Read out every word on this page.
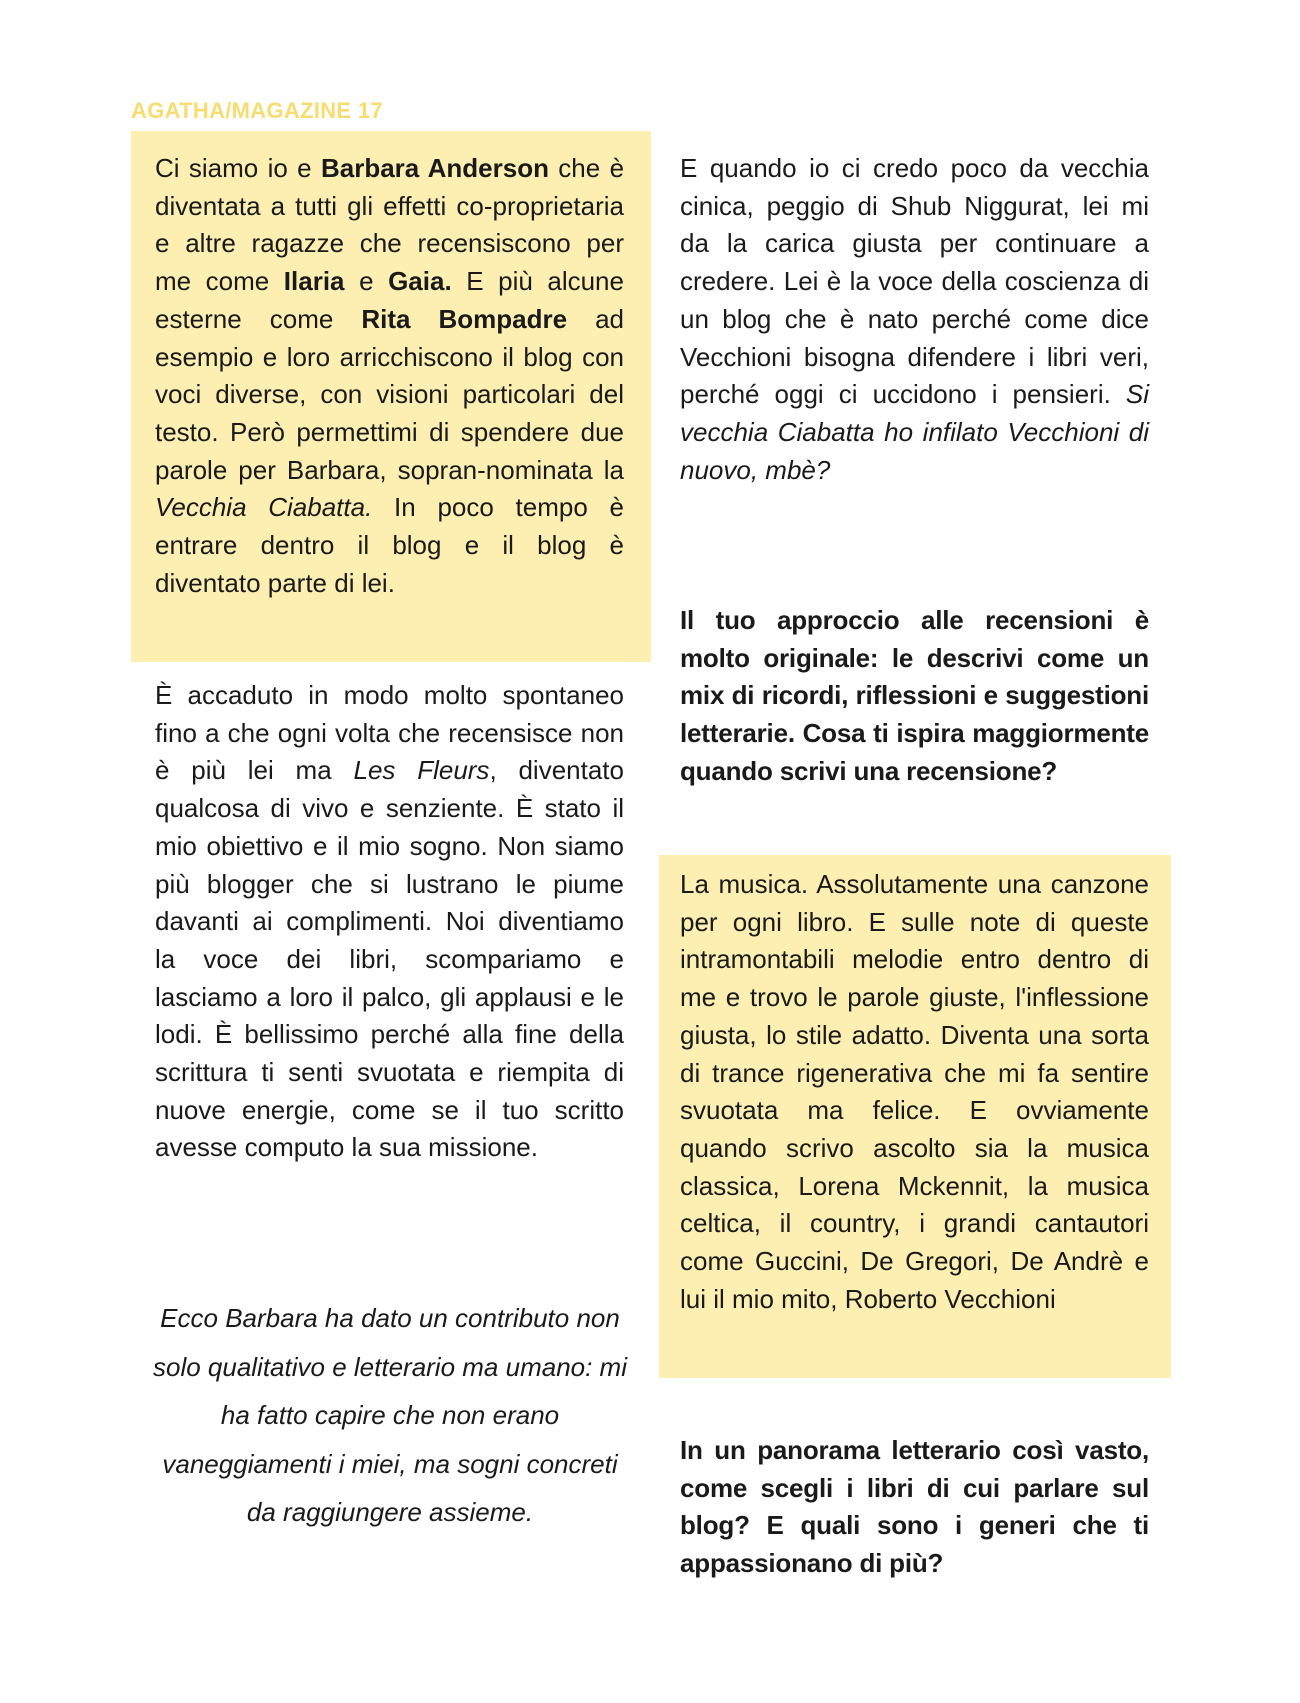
AGATHA/MAGAZINE 17

Ci siamo io e Barbara Anderson che è diventata a tutti gli effetti co-proprietaria e altre ragazze che recensiscono per me come Ilaria e Gaia. E più alcune esterne come Rita Bompadre ad esempio e loro arricchiscono il blog con voci diverse, con visioni particolari del testo. Però permettimi di spendere due parole per Barbara, sopran-nominata la Vecchia Ciabatta. In poco tempo è entrare dentro il blog e il blog è diventato parte di lei.

È accaduto in modo molto spontaneo fino a che ogni volta che recensisce non è più lei ma Les Fleurs, diventato qualcosa di vivo e senziente. È stato il mio obiettivo e il mio sogno. Non siamo più blogger che si lustrano le piume davanti ai complimenti. Noi diventiamo la voce dei libri, scompariamo e lasciamo a loro il palco, gli applausi e le lodi. È bellissimo perché alla fine della scrittura ti senti svuotata e riempita di nuove energie, come se il tuo scritto avesse computo la sua missione.

Ecco Barbara ha dato un contributo non solo qualitativo e letterario ma umano: mi ha fatto capire che non erano vaneggiamenti i miei, ma sogni concreti da raggiungere assieme.

E quando io ci credo poco da vecchia cinica, peggio di Shub Niggurat, lei mi da la carica giusta per continuare a credere. Lei è la voce della coscienza di un blog che è nato perché come dice Vecchioni bisogna difendere i libri veri, perché oggi ci uccidono i pensieri. Si vecchia Ciabatta ho infilato Vecchioni di nuovo, mbè?

Il tuo approccio alle recensioni è molto originale: le descrivi come un mix di ricordi, riflessioni e suggestioni letterarie. Cosa ti ispira maggiormente quando scrivi una recensione?
La musica. Assolutamente una canzone per ogni libro. E sulle note di queste intramontabili melodie entro dentro di me e trovo le parole giuste, l'inflessione giusta, lo stile adatto. Diventa una sorta di trance rigenerativa che mi fa sentire svuotata ma felice. E ovviamente quando scrivo ascolto sia la musica classica, Lorena Mckennit, la musica celtica, il country, i grandi cantautori come Guccini, De Gregori, De Andrè e lui il mio mito, Roberto Vecchioni
In un panorama letterario così vasto, come scegli i libri di cui parlare sul blog? E quali sono i generi che ti appassionano di più?
